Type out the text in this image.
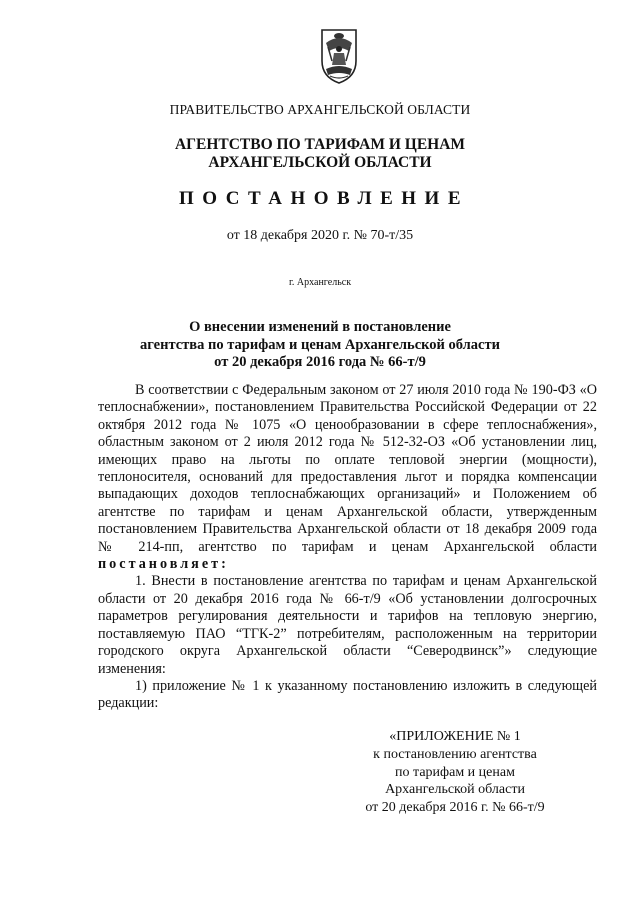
ПРАВИТЕЛЬСТВО АРХАНГЕЛЬСКОЙ ОБЛАСТИ
АГЕНТСТВО ПО ТАРИФАМ И ЦЕНАМ
АРХАНГЕЛЬСКОЙ ОБЛАСТИ
ПОСТАНОВЛЕНИЕ
от 18 декабря 2020 г. № 70-т/35
г. Архангельск
О внесении изменений в постановление
агентства по тарифам и ценам Архангельской области
от 20 декабря 2016 года № 66-т/9

В соответствии с Федеральным законом от 27 июля 2010 года № 190-ФЗ «О теплоснабжении», постановлением Правительства Российской Федерации от 22 октября 2012 года № 1075 «О ценообразовании в сфере теплоснабжения», областным законом от 2 июля 2012 года № 512-32-ОЗ «Об установлении лиц, имеющих право на льготы по оплате тепловой энергии (мощности), теплоносителя, оснований для предоставления льгот и порядка компенсации выпадающих доходов теплоснабжающих организаций» и Положением об агентстве по тарифам и ценам Архангельской области, утвержденным постановлением Правительства Архангельской области от 18 декабря 2009 года № 214-пп, агентство по тарифам и ценам Архангельской области постановляет:

1. Внести в постановление агентства по тарифам и ценам Архангельской области от 20 декабря 2016 года № 66-т/9 «Об установлении долгосрочных параметров регулирования деятельности и тарифов на тепловую энергию, поставляемую ПАО “ТГК-2” потребителям, расположенным на территории городского округа Архангельской области “Северодвинск”» следующие изменения:

1) приложение № 1 к указанному постановлению изложить в следующей редакции:

«ПРИЛОЖЕНИЕ № 1
к постановлению агентства
по тарифам и ценам
Архангельской области
от 20 декабря 2016 г. № 66-т/9
